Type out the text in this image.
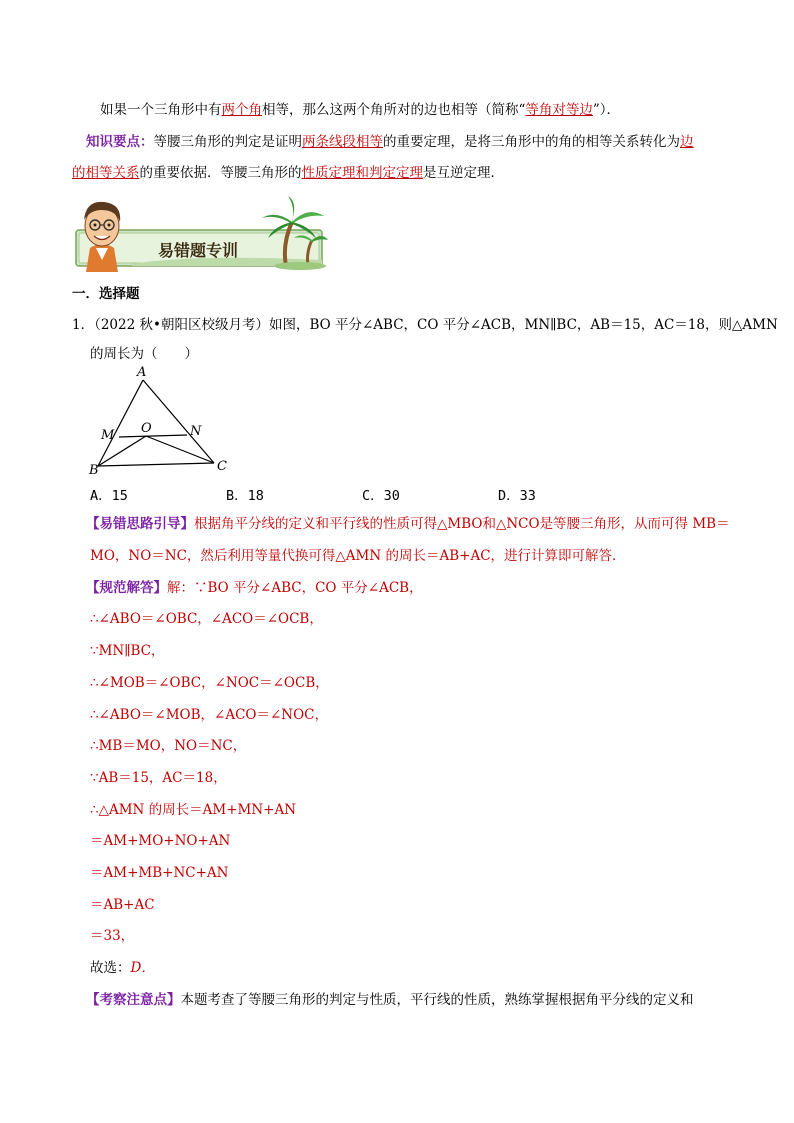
如果一个三角形中有两个角相等，那么这两个角所对的边也相等（简称“等角对等边”）．
知识要点：等腰三角形的判定是证明两条线段相等的重要定理，是将三角形中的角的相等关系转化为边
的相等关系的重要依据．等腰三角形的性质定理和判定定理是互逆定理．
易错题专训
一．选择题
1．（2022 秋•朝阳区校级月考）如图，BO 平分∠ABC，CO 平分∠ACB，MN∥BC，AB＝15，AC＝18，则△AMN
的周长为（　　）
A
M O	N
B	C
A．15	B．18	C．30	D．33
【易错思路引导】根据角平分线的定义和平行线的性质可得△MBO和△NCO是等腰三角形，从而可得 MB＝
MO，NO＝NC，然后利用等量代换可得△AMN 的周长＝AB+AC，进行计算即可解答．
【规范解答】解：∵BO 平分∠ABC，CO 平分∠ACB，
∴∠ABO＝∠OBC，∠ACO＝∠OCB，
∵MN∥BC，
∴∠MOB＝∠OBC，∠NOC＝∠OCB，
∴∠ABO＝∠MOB，∠ACO＝∠NOC，
∴MB＝MO，NO＝NC，
∵AB＝15，AC＝18，
∴△AMN 的周长＝AM+MN+AN
＝AM+MO+NO+AN
＝AM+MB+NC+AN
＝AB+AC
＝33，
故选：D．
【考察注意点】本题考查了等腰三角形的判定与性质，平行线的性质，熟练掌握根据角平分线的定义和
